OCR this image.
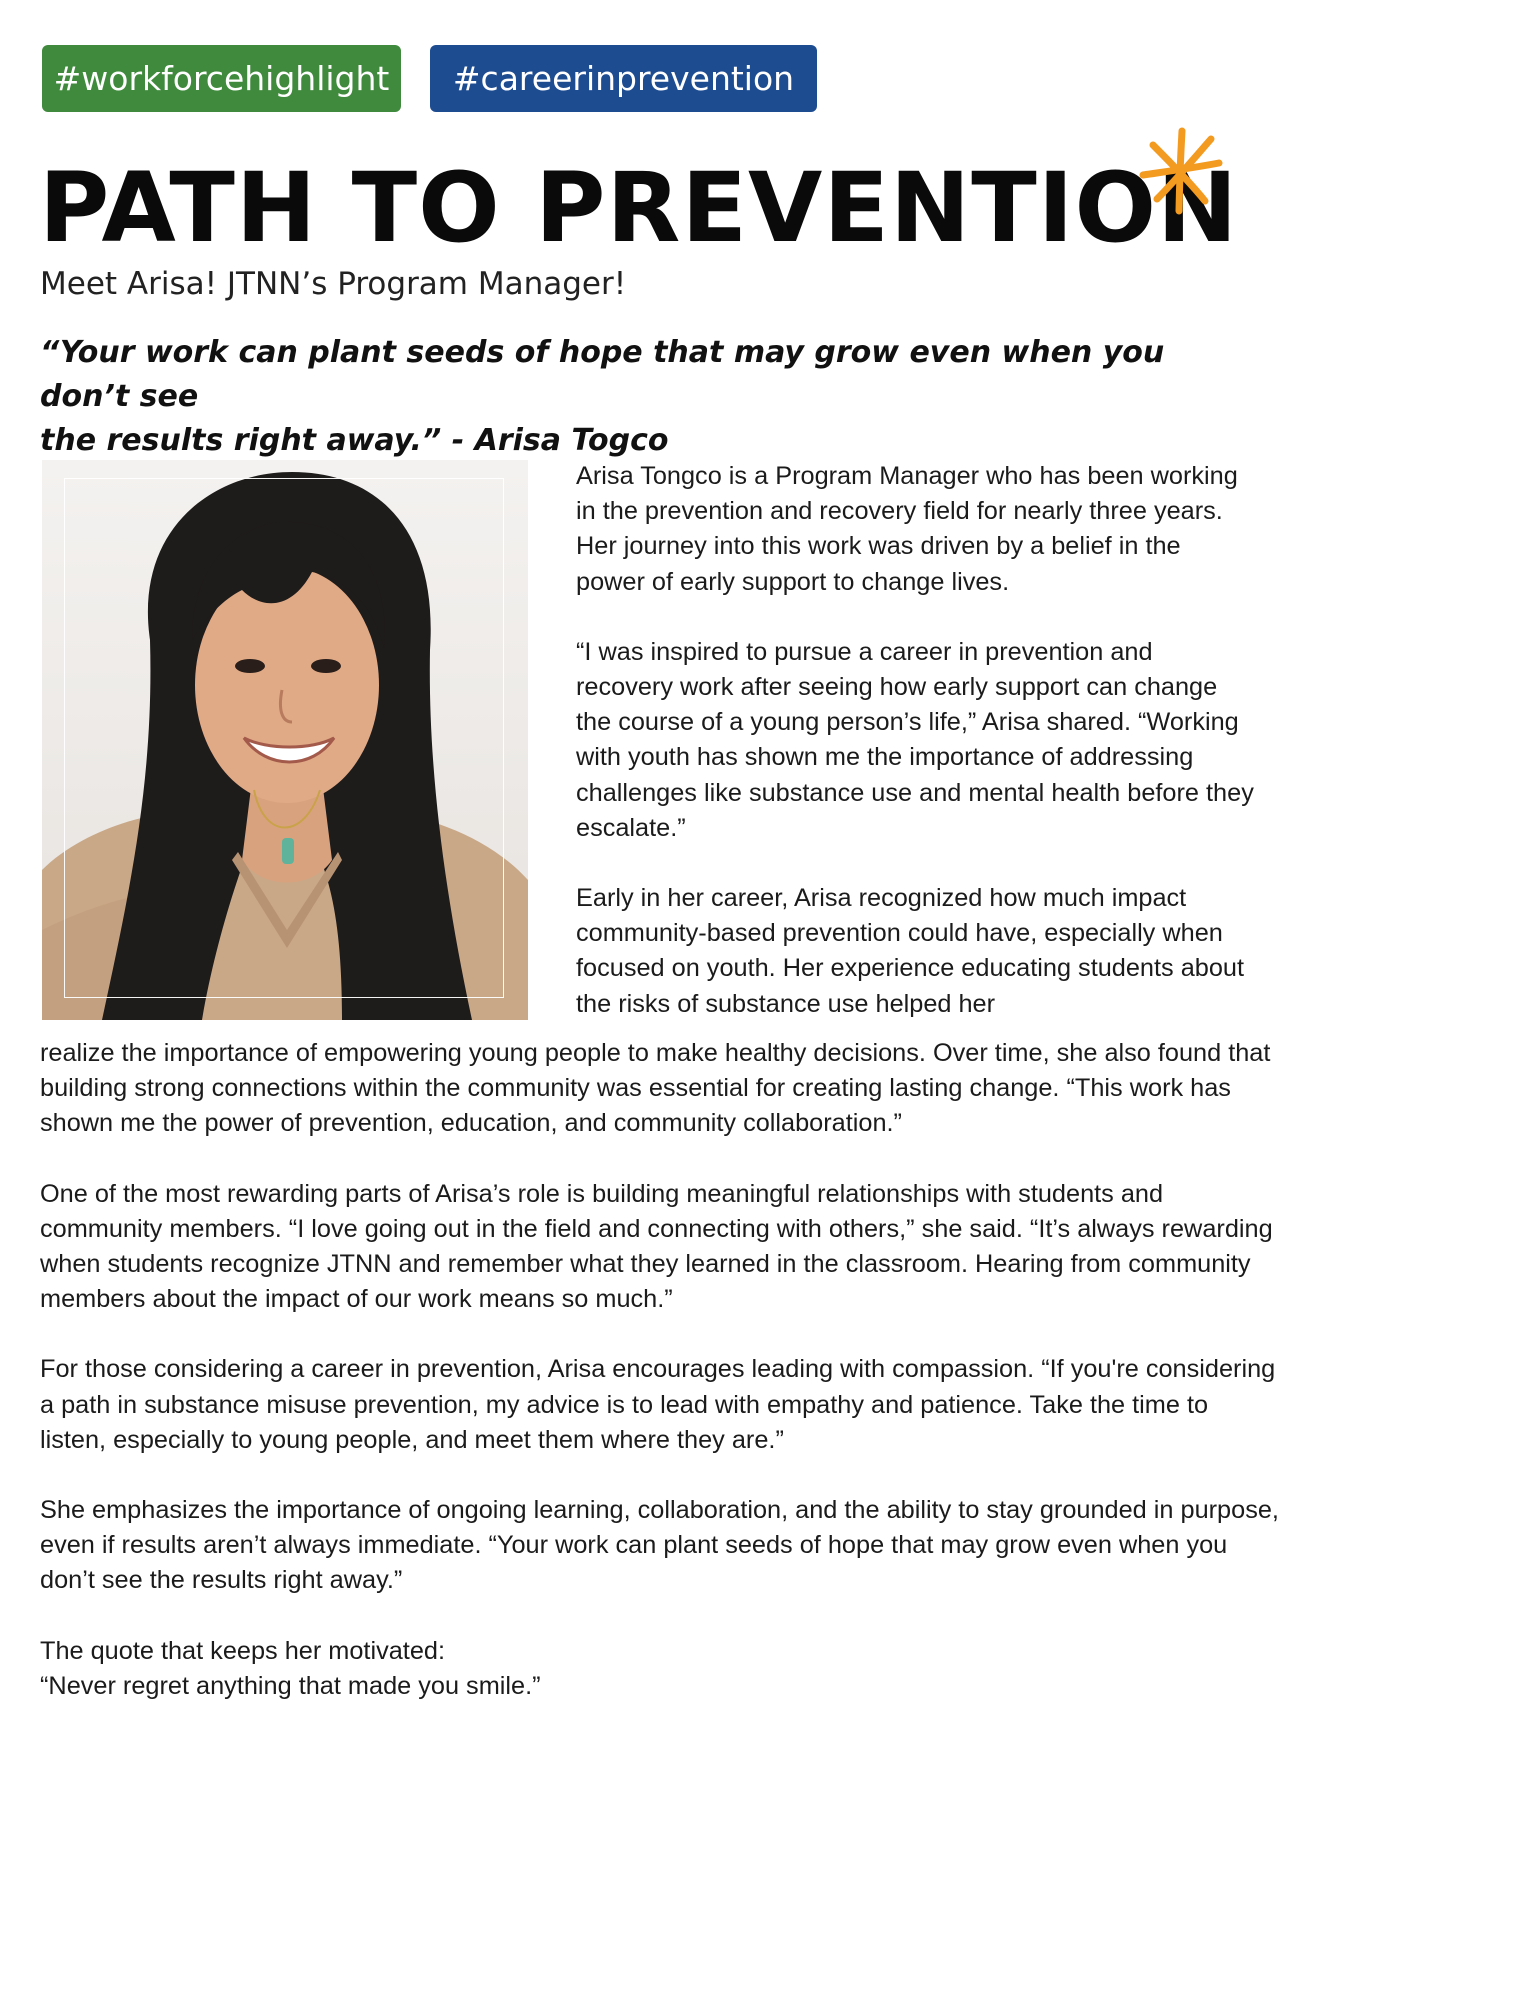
#workforcehighlight	#careerinprevention
PATH TO PREVENTION

Meet Arisa! JTNN’s Program Manager!

“Your work can plant seeds of hope that may grow even when you don’t see
the results right away.” - Arisa Togco

Arisa Tongco is a Program Manager who has been working in the prevention and recovery field for nearly three years. Her journey into this work was driven by a belief in the power of early support to change lives.

“I was inspired to pursue a career in prevention and recovery work after seeing how early support can change the course of a young person’s life,” Arisa shared. “Working with youth has shown me the importance of addressing challenges like substance use and mental health before they escalate.”

Early in her career, Arisa recognized how much impact community-based prevention could have, especially when focused on youth. Her experience educating students about the risks of substance use helped her

realize the importance of empowering young people to make healthy decisions. Over time, she also found that building strong connections within the community was essential for creating lasting change. “This work has shown me the power of prevention, education, and community collaboration.”

One of the most rewarding parts of Arisa’s role is building meaningful relationships with students and community members. “I love going out in the field and connecting with others,” she said. “It’s always rewarding when students recognize JTNN and remember what they learned in the classroom. Hearing from community members about the impact of our work means so much.”

For those considering a career in prevention, Arisa encourages leading with compassion. “If you're considering a path in substance misuse prevention, my advice is to lead with empathy and patience. Take the time to listen, especially to young people, and meet them where they are.”

She emphasizes the importance of ongoing learning, collaboration, and the ability to stay grounded in purpose, even if results aren’t always immediate. “Your work can plant seeds of hope that may grow even when you don’t see the results right away.”

The quote that keeps her motivated:
“Never regret anything that made you smile.”
